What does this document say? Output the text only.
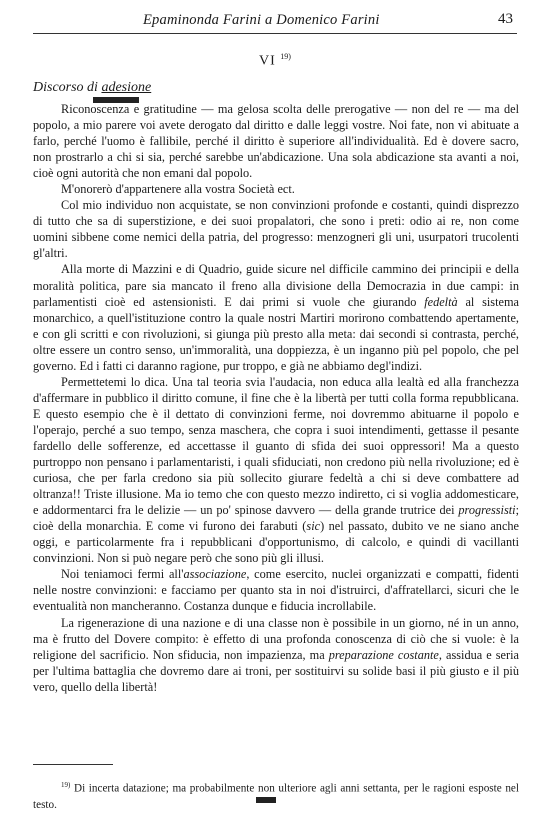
Epaminonda Farini a Domenico Farini	43
VI $^{19)}$
Discorso di adesione

Riconoscenza e gratitudine — ma gelosa scolta delle prerogative — non del re — ma del popolo, a mio parere voi avete derogato dal diritto e dalle leggi vostre. Noi fate, non vi abituate a farlo, perché l'uomo è fallibile, perché il diritto è superiore all'individualità. Ed è dovere sacro, non prostrarlo a chi si sia, perché sarebbe un'abdicazione. Una sola abdicazione sta avanti a noi, cioè ogni autorità che non emani dal popolo.

M'onorerò d'appartenere alla vostra Società ect.

Col mio individuo non acquistate, se non convinzioni profonde e costanti, quindi disprezzo di tutto che sa di superstizione, e dei suoi propalatori, che sono i preti: odio ai re, non come uomini sibbene come nemici della patria, del progresso: menzogneri gli uni, usurpatori trucolenti gl'altri.

Alla morte di Mazzini e di Quadrio, guide sicure nel difficile cammino dei principii e della moralità politica, pare sia mancato il freno alla divisione della Democrazia in due campi: in parlamentisti cioè ed astensionisti. E dai primi si vuole che giurando fedeltà al sistema monarchico, a quell'istituzione contro la quale nostri Martiri morirono combattendo apertamente, e con gli scritti e con rivoluzioni, si giunga più presto alla meta: dai secondi si contrasta, perché, oltre essere un contro senso, un'immoralità, una doppiezza, è un inganno più pel popolo, che pel governo. Ed i fatti ci daranno ragione, pur troppo, e già ne abbiamo degl'indizi.

Permettetemi lo dica. Una tal teoria svia l'audacia, non educa alla lealtà ed alla franchezza d'affermare in pubblico il diritto comune, il fine che è la libertà per tutti colla forma repubblicana. E questo esempio che è il dettato di convinzioni ferme, noi dovremmo abituarne il popolo e l'operajo, perché a suo tempo, senza maschera, che copra i suoi intendimenti, gettasse il pesante fardello delle sofferenze, ed accettasse il guanto di sfida dei suoi oppressori! Ma a questo purtroppo non pensano i parlamentaristi, i quali sfiduciati, non credono più nella rivoluzione; ed è curiosa, che per farla credono sia più sollecito giurare fedeltà a chi si deve combattere ad oltranza!! Triste illusione. Ma io temo che con questo mezzo indiretto, ci si voglia addomesticare, e addormentarci fra le delizie — un po' spinose davvero — della grande trutrice dei progressisti; cioè della monarchia. E come vi furono dei farabuti (sic) nel passato, dubito ve ne siano anche oggi, e particolarmente fra i repubblicani d'opportunismo, di calcolo, e quindi di vacillanti convinzioni. Non si può negare però che sono più gli illusi.

Noi teniamoci fermi all'associazione, come esercito, nuclei organizzati e compatti, fidenti nelle nostre convinzioni: e facciamo per quanto sta in noi d'istruirci, d'affratellarci, sicuri che le eventualità non mancheranno. Costanza dunque e fiducia incrollabile.

La rigenerazione di una nazione e di una classe non è possibile in un giorno, né in un anno, ma è frutto del Dovere compito: è effetto di una profonda conoscenza di ciò che si vuole: è la religione del sacrificio. Non sfiducia, non impazienza, ma preparazione costante, assidua e seria per l'ultima battaglia che dovremo dare ai troni, per sostituirvi su solide basi il più giusto e il più vero, quello della libertà!

$^{19)}$ Di incerta datazione; ma probabilmente non ulteriore agli anni settanta, per le ragioni esposte nel testo.
